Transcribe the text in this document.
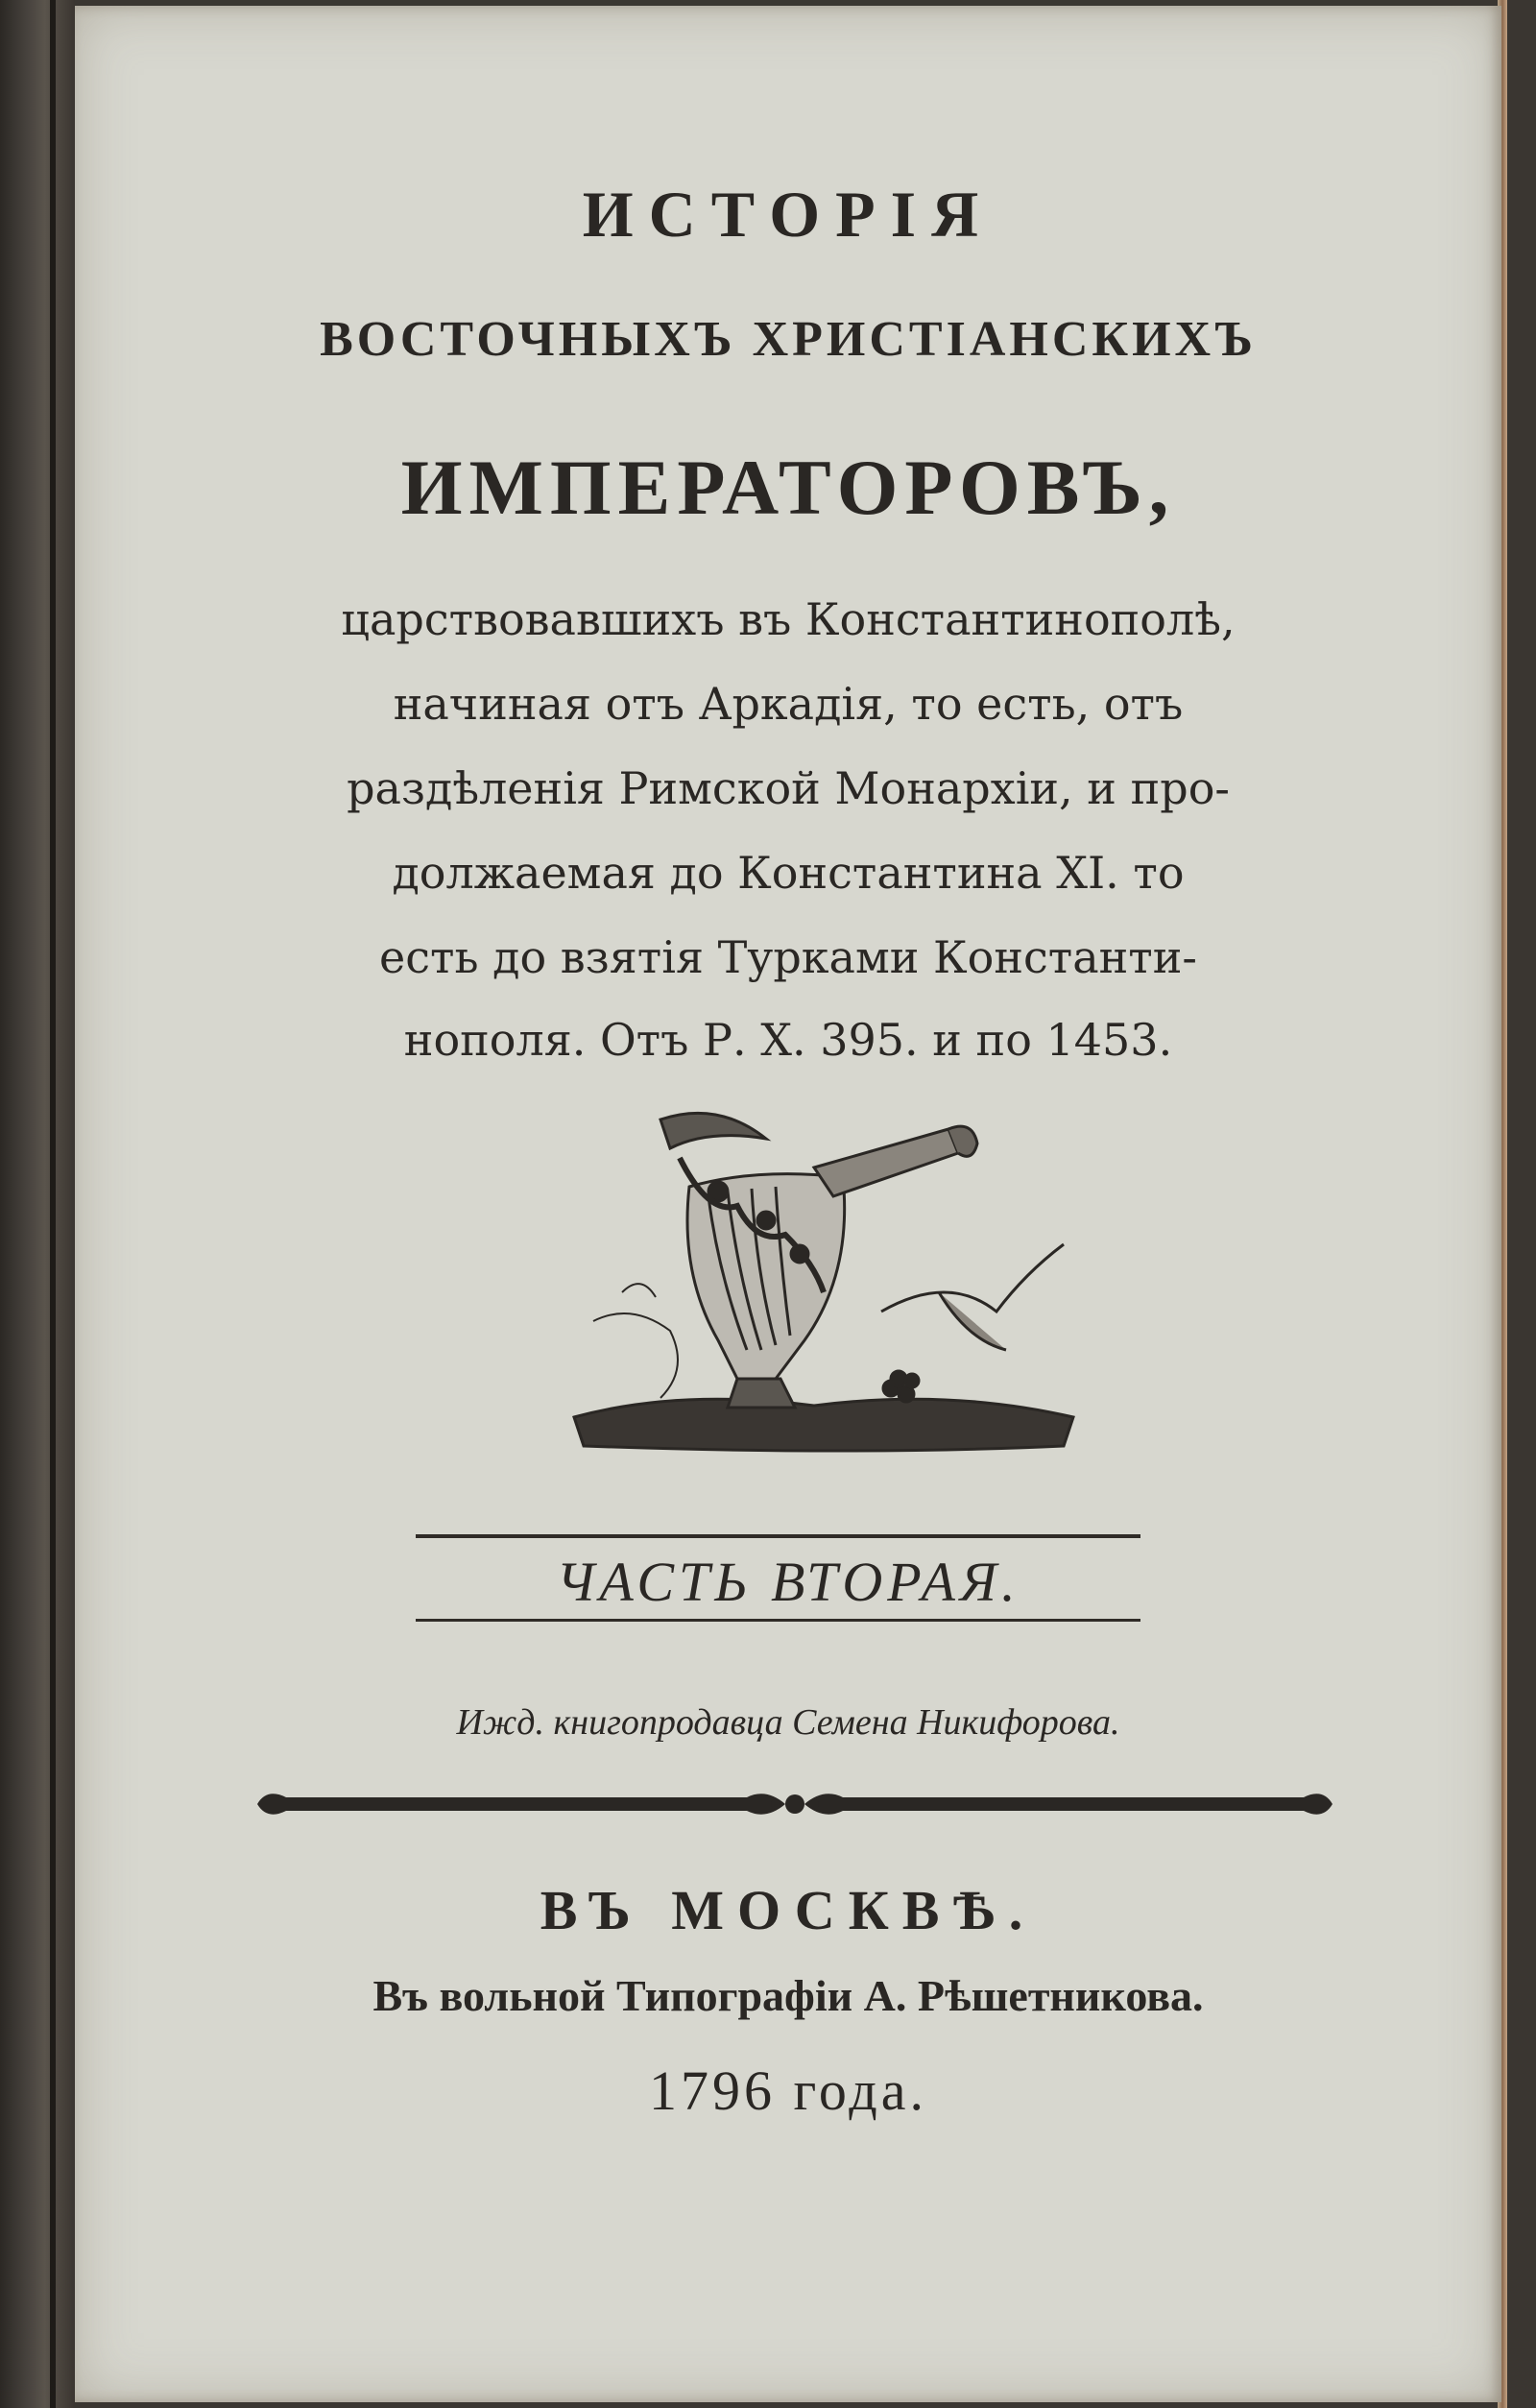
ИСТОРIЯ
ВОСТОЧНЫХЪ ХРИСТIАНСКИХЪ
ИМПЕРАТОРОВЪ,
царствовавшихъ въ Константинополѣ,
начиная отъ Аркадiя, то есть, отъ
раздѣленiя Римской Монархiи, и про-
должаемая до Константина XI. то
есть до взятiя Турками Константи-
нополя. Отъ Р. Х. 395. и по 1453.
ЧАСТЬ ВТОРАЯ.
Ижд. книгопродавца Семена Никифорова.
ВЪ МОСКВѢ.
Въ вольной Типографiи А. Рѣшетникова.
1796 года.
